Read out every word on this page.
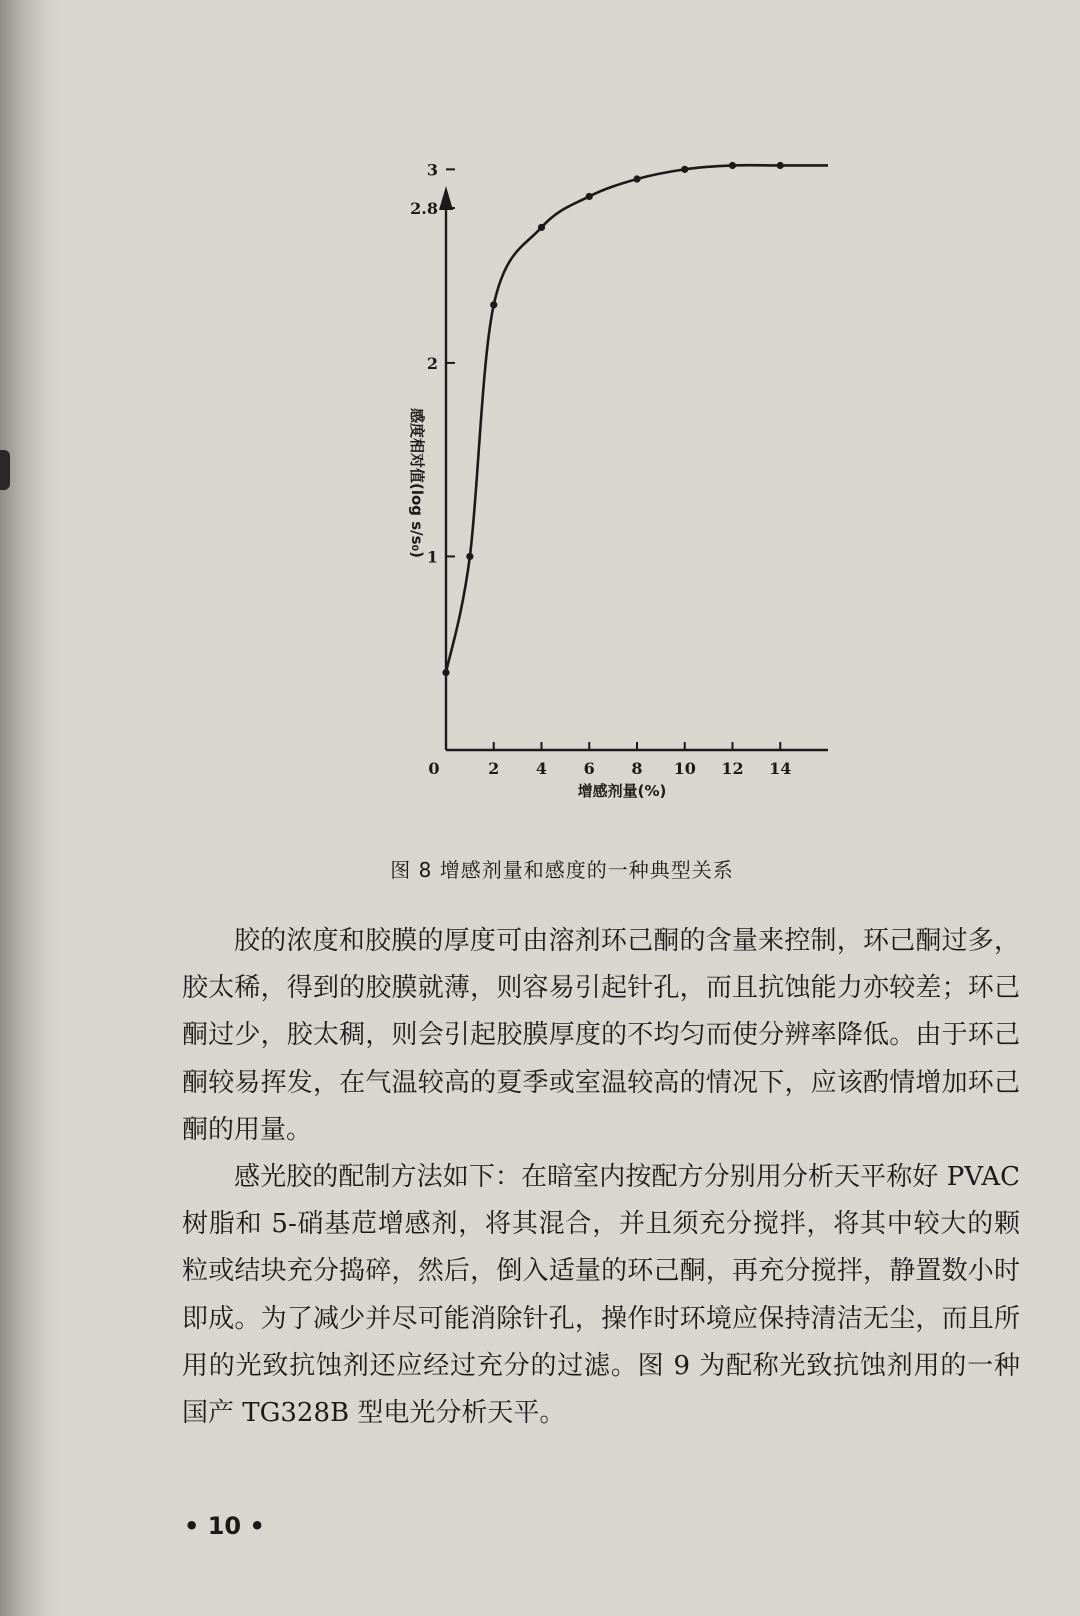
0	2 4 6 8 10 12 14
1
2
2.8
3
增感剂量(%)
感度相对值(log s/s₀)
图 8 增感剂量和感度的一种典型关系

胶的浓度和胶膜的厚度可由溶剂环己酮的含量来控制，环己酮过多，胶太稀，得到的胶膜就薄，则容易引起针孔，而且抗蚀能力亦较差；环己酮过少，胶太稠，则会引起胶膜厚度的不均匀而使分辨率降低。由于环己酮较易挥发，在气温较高的夏季或室温较高的情况下，应该酌情增加环己酮的用量。

感光胶的配制方法如下：在暗室内按配方分别用分析天平称好 PVAC 树脂和 5-硝基苊增感剂，将其混合，并且须充分搅拌，将其中较大的颗粒或结块充分捣碎，然后，倒入适量的环己酮，再充分搅拌，静置数小时即成。为了减少并尽可能消除针孔，操作时环境应保持清洁无尘，而且所用的光致抗蚀剂还应经过充分的过滤。图 9 为配称光致抗蚀剂用的一种国产 TG328B 型电光分析天平。

• 10 •
